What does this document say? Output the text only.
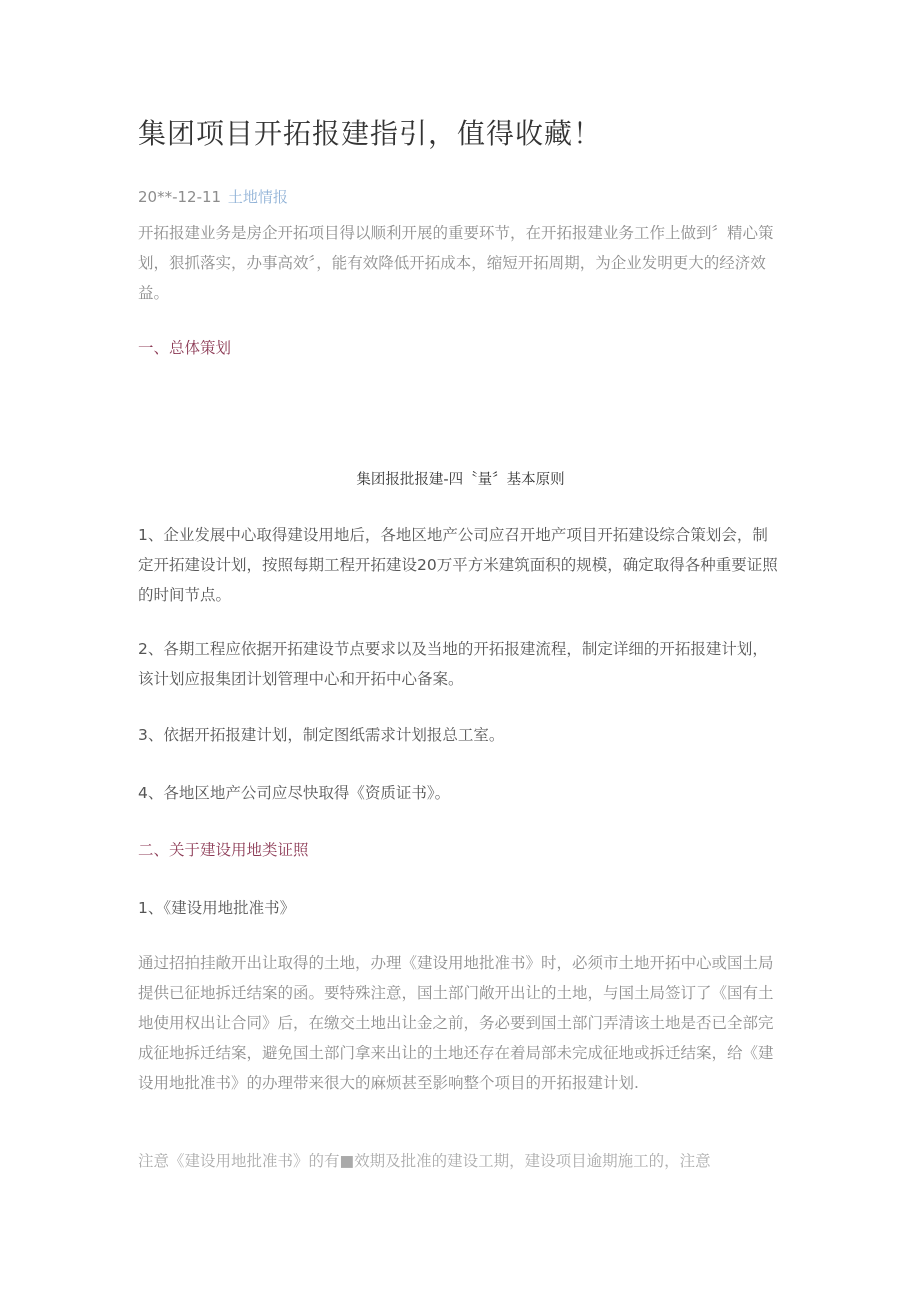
集团项目开拓报建指引，值得收藏！
20**-12-11 土地情报

开拓报建业务是房企开拓项目得以顺利开展的重要环节，在开拓报建业务工作上做到〞精心策划，狠抓落实，办事高效〞，能有效降低开拓成本，缩短开拓周期，为企业发明更大的经济效益。

一、总体策划
集团报批报建-四〝量〞基本原则

1、企业发展中心取得建设用地后，各地区地产公司应召开地产项目开拓建设综合策划会，制定开拓建设计划，按照每期工程开拓建设20万平方米建筑面积的规模，确定取得各种重要证照的时间节点。

2、各期工程应依据开拓建设节点要求以及当地的开拓报建流程，制定详细的开拓报建计划，该计划应报集团计划管理中心和开拓中心备案。

3、依据开拓报建计划，制定图纸需求计划报总工室。

4、各地区地产公司应尽快取得《资质证书》。

二、关于建设用地类证照
1、《建设用地批准书》

通过招拍挂敞开出让取得的土地，办理《建设用地批准书》时，必须市土地开拓中心或国土局提供已征地拆迁结案的函。要特殊注意，国土部门敞开出让的土地，与国土局签订了《国有土地使用权出让合同》后，在缴交土地出让金之前，务必要到国土部门弄清该土地是否已全部完成征地拆迁结案，避免国土部门拿来出让的土地还存在着局部未完成征地或拆迁结案，给《建设用地批准书》的办理带来很大的麻烦甚至影响整个项目的开拓报建计划.

注意《建设用地批准书》的有■效期及批准的建设工期，建设项目逾期施工的，注意
